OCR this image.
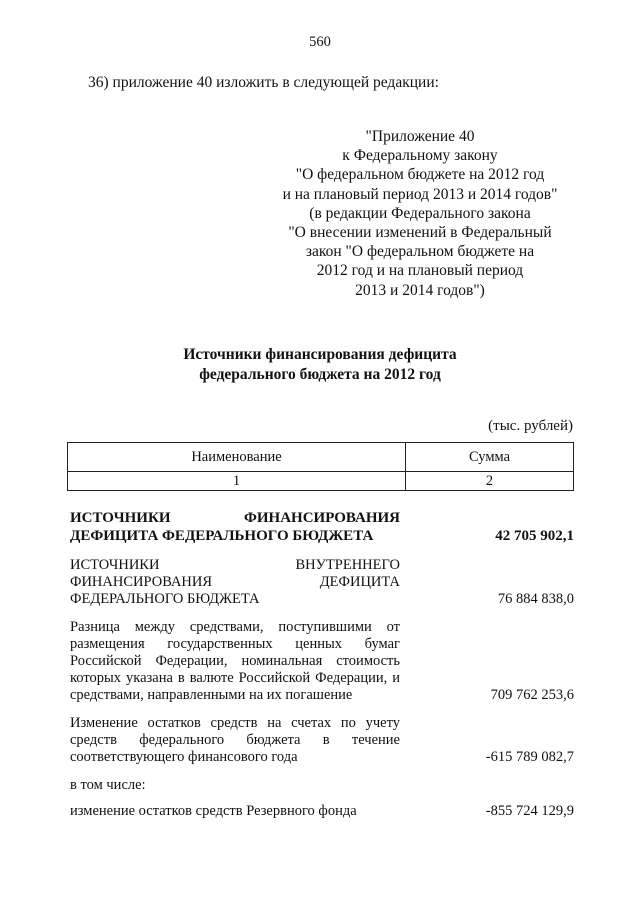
560
36) приложение 40 изложить в следующей редакции:
"Приложение 40
к Федеральному закону
"О федеральном бюджете на 2012 год
и на плановый период 2013 и 2014 годов"
(в редакции Федерального закона
"О внесении изменений в Федеральный
закон "О федеральном бюджете на
2012 год и на плановый период
2013 и 2014 годов")
Источники финансирования дефицита
федерального бюджета на 2012 год
(тыс. рублей)
Наименование	Сумма
1	2
ИСТОЧНИКИ ФИНАНСИРОВАНИЯ ДЕФИЦИТА ФЕДЕРАЛЬНОГО БЮДЖЕТА	42 705 902,1
ИСТОЧНИКИ ВНУТРЕННЕГО ФИНАНСИРОВАНИЯ ДЕФИЦИТА ФЕДЕРАЛЬНОГО БЮДЖЕТА	76 884 838,0
Разница между средствами, поступившими от размещения государственных ценных бумаг Российской Федерации, номинальная стоимость которых указана в валюте Российской Федерации, и средствами, направленными на их погашение	709 762 253,6
Изменение остатков средств на счетах по учету средств федерального бюджета в течение соответствующего финансового года	-615 789 082,7
в том числе:
изменение остатков средств Резервного фонда	-855 724 129,9
